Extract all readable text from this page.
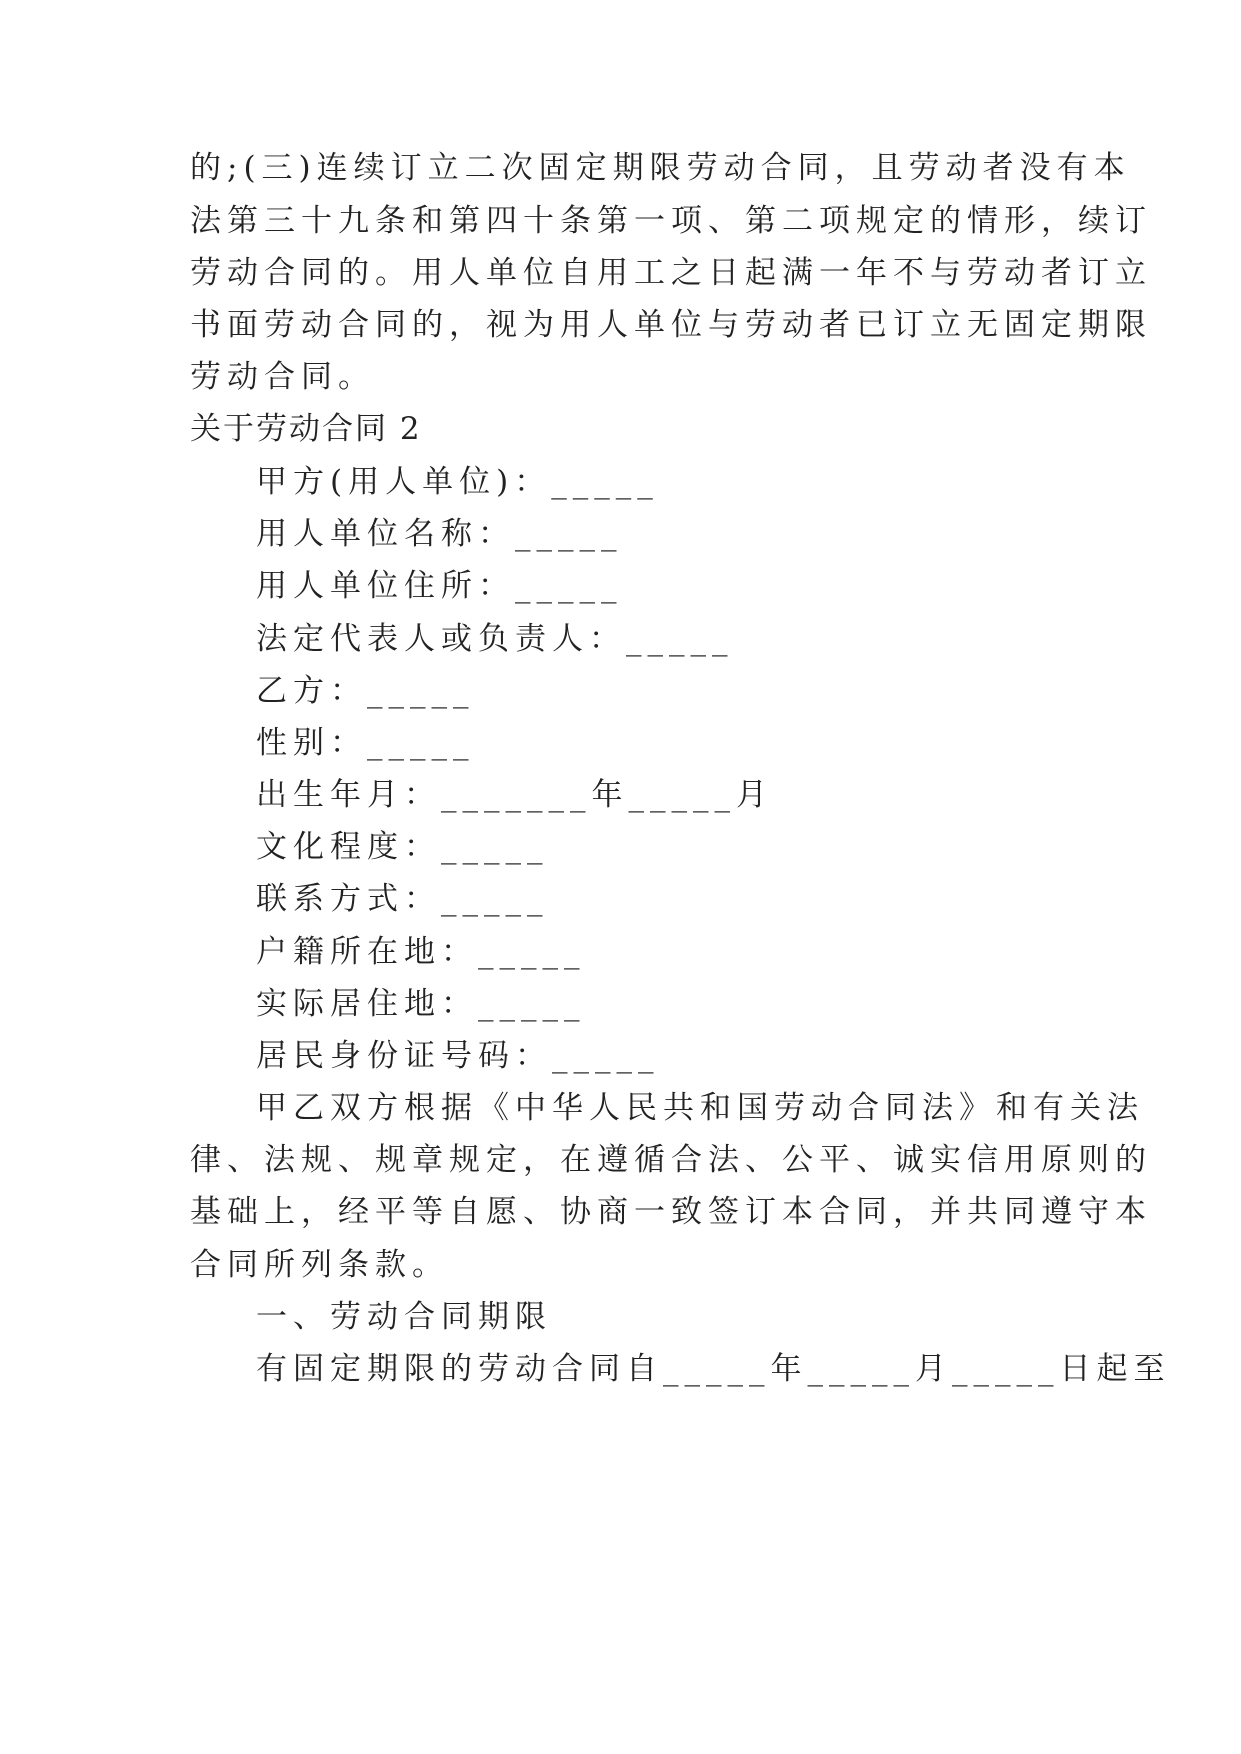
的;(三)连续订立二次固定期限劳动合同，且劳动者没有本
法第三十九条和第四十条第一项、第二项规定的情形，续订
劳动合同的。用人单位自用工之日起满一年不与劳动者订立
书面劳动合同的，视为用人单位与劳动者已订立无固定期限
劳动合同。
关于劳动合同 2
甲方(用人单位)：_____
用人单位名称：_____
用人单位住所：_____
法定代表人或负责人：_____
乙方：_____
性别：_____
出生年月：_______年_____月
文化程度：_____
联系方式：_____
户籍所在地：_____
实际居住地：_____
居民身份证号码：_____
甲乙双方根据《中华人民共和国劳动合同法》和有关法
律、法规、规章规定，在遵循合法、公平、诚实信用原则的
基础上，经平等自愿、协商一致签订本合同，并共同遵守本
合同所列条款。
一、劳动合同期限
有固定期限的劳动合同自_____年_____月_____日起至
